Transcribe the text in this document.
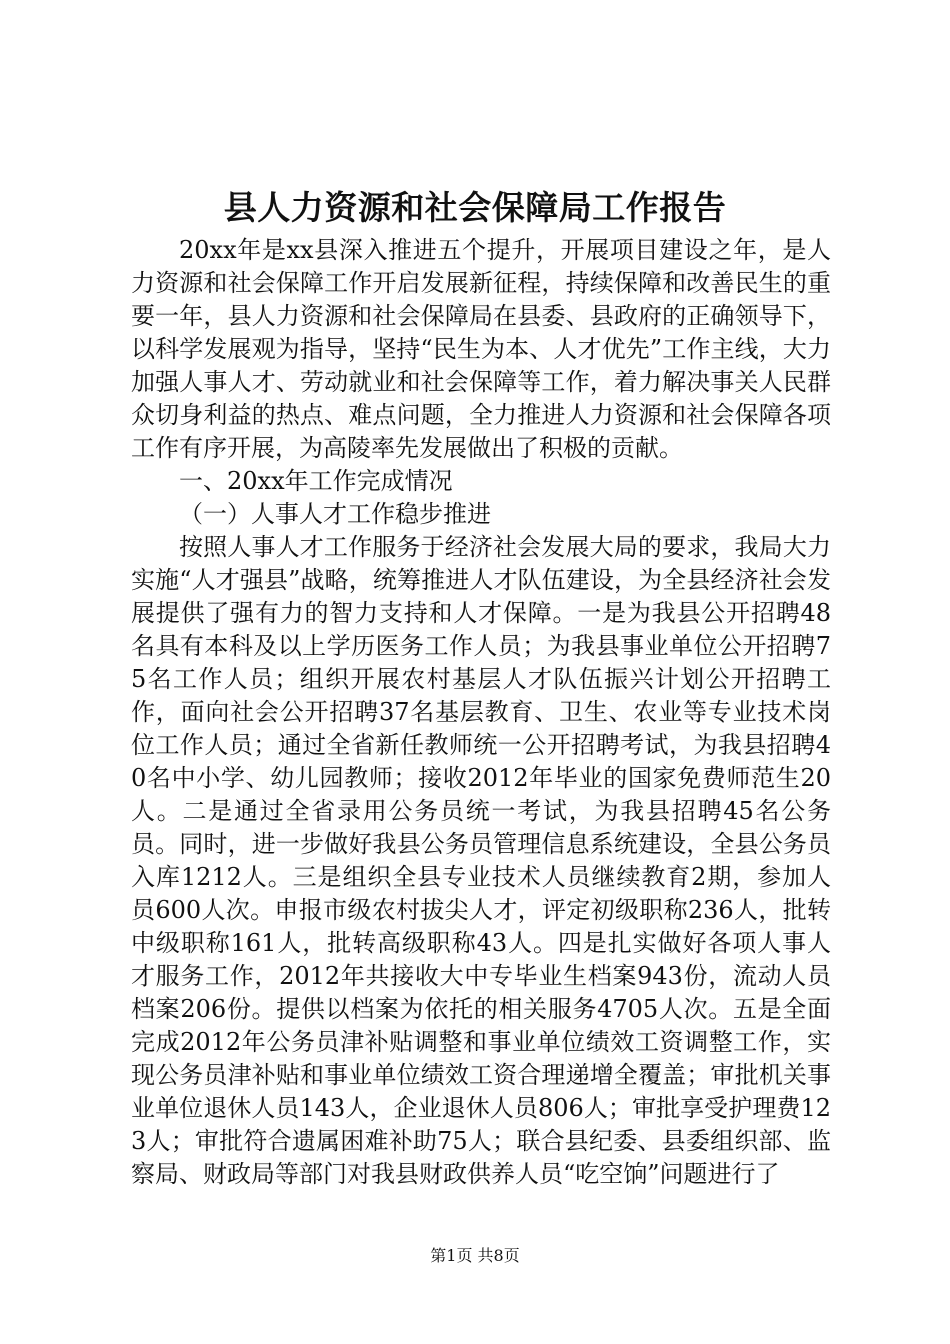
县人力资源和社会保障局工作报告

20xx年是xx县深入推进五个提升，开展项目建设之年，是人力资源和社会保障工作开启发展新征程，持续保障和改善民生的重要一年，县人力资源和社会保障局在县委、县政府的正确领导下，以科学发展观为指导，坚持“民生为本、人才优先”工作主线，大力加强人事人才、劳动就业和社会保障等工作，着力解决事关人民群众切身利益的热点、难点问题，全力推进人力资源和社会保障各项工作有序开展，为高陵率先发展做出了积极的贡献。

一、20xx年工作完成情况

（一）人事人才工作稳步推进

按照人事人才工作服务于经济社会发展大局的要求，我局大力实施“人才强县”战略，统筹推进人才队伍建设，为全县经济社会发展提供了强有力的智力支持和人才保障。一是为我县公开招聘48名具有本科及以上学历医务工作人员；为我县事业单位公开招聘75名工作人员；组织开展农村基层人才队伍振兴计划公开招聘工作，面向社会公开招聘37名基层教育、卫生、农业等专业技术岗位工作人员；通过全省新任教师统一公开招聘考试，为我县招聘40名中小学、幼儿园教师；接收2012年毕业的国家免费师范生20人。二是通过全省录用公务员统一考试，为我县招聘45名公务员。同时，进一步做好我县公务员管理信息系统建设，全县公务员入库1212人。三是组织全县专业技术人员继续教育2期，参加人员600人次。申报市级农村拔尖人才，评定初级职称236人，批转中级职称161人，批转高级职称43人。四是扎实做好各项人事人才服务工作，2012年共接收大中专毕业生档案943份，流动人员档案206份。提供以档案为依托的相关服务4705人次。五是全面完成2012年公务员津补贴调整和事业单位绩效工资调整工作，实现公务员津补贴和事业单位绩效工资合理递增全覆盖；审批机关事业单位退休人员143人，企业退休人员806人；审批享受护理费123人；审批符合遗属困难补助75人；联合县纪委、县委组织部、监察局、财政局等部门对我县财政供养人员“吃空饷”问题进行了

第1页 共8页
